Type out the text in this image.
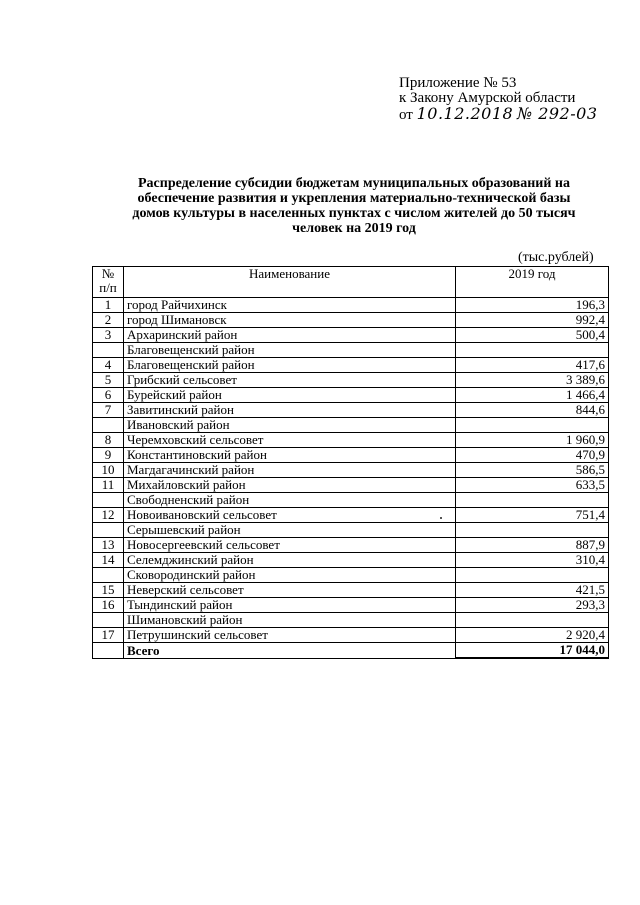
Приложение № 53
к Закону Амурской области
от 10.12.2018 № 292-03
Распределение субсидии бюджетам муниципальных образований на
обеспечение развития и укрепления материально-технической базы
домов культуры в населенных пунктах с числом жителей до 50 тысяч
человек на 2019 год
(тыс.рублей)
№ п/п	Наименование	2019 год
1	город Райчихинск	196,3
2	город Шимановск	992,4
3	Архаринский район	500,4
	Благовещенский район	
4	Благовещенский район	417,6
5	Грибский сельсовет	3 389,6
6	Бурейский район	1 466,4
7	Завитинский район	844,6
	Ивановский район	
8	Черемховский сельсовет	1 960,9
9	Константиновский район	470,9
10	Магдагачинский район	586,5
11	Михайловский район	633,5
	Свободненский район	
12	Новоивановский сельсовет	751,4
	Серышевский район	
13	Новосергеевский сельсовет	887,9
14	Селемджинский район	310,4
	Сковородинский район	
15	Неверский сельсовет	421,5
16	Тындинский район	293,3
	Шимановский район	
17	Петрушинский сельсовет	2 920,4
	Всего	17 044,0
